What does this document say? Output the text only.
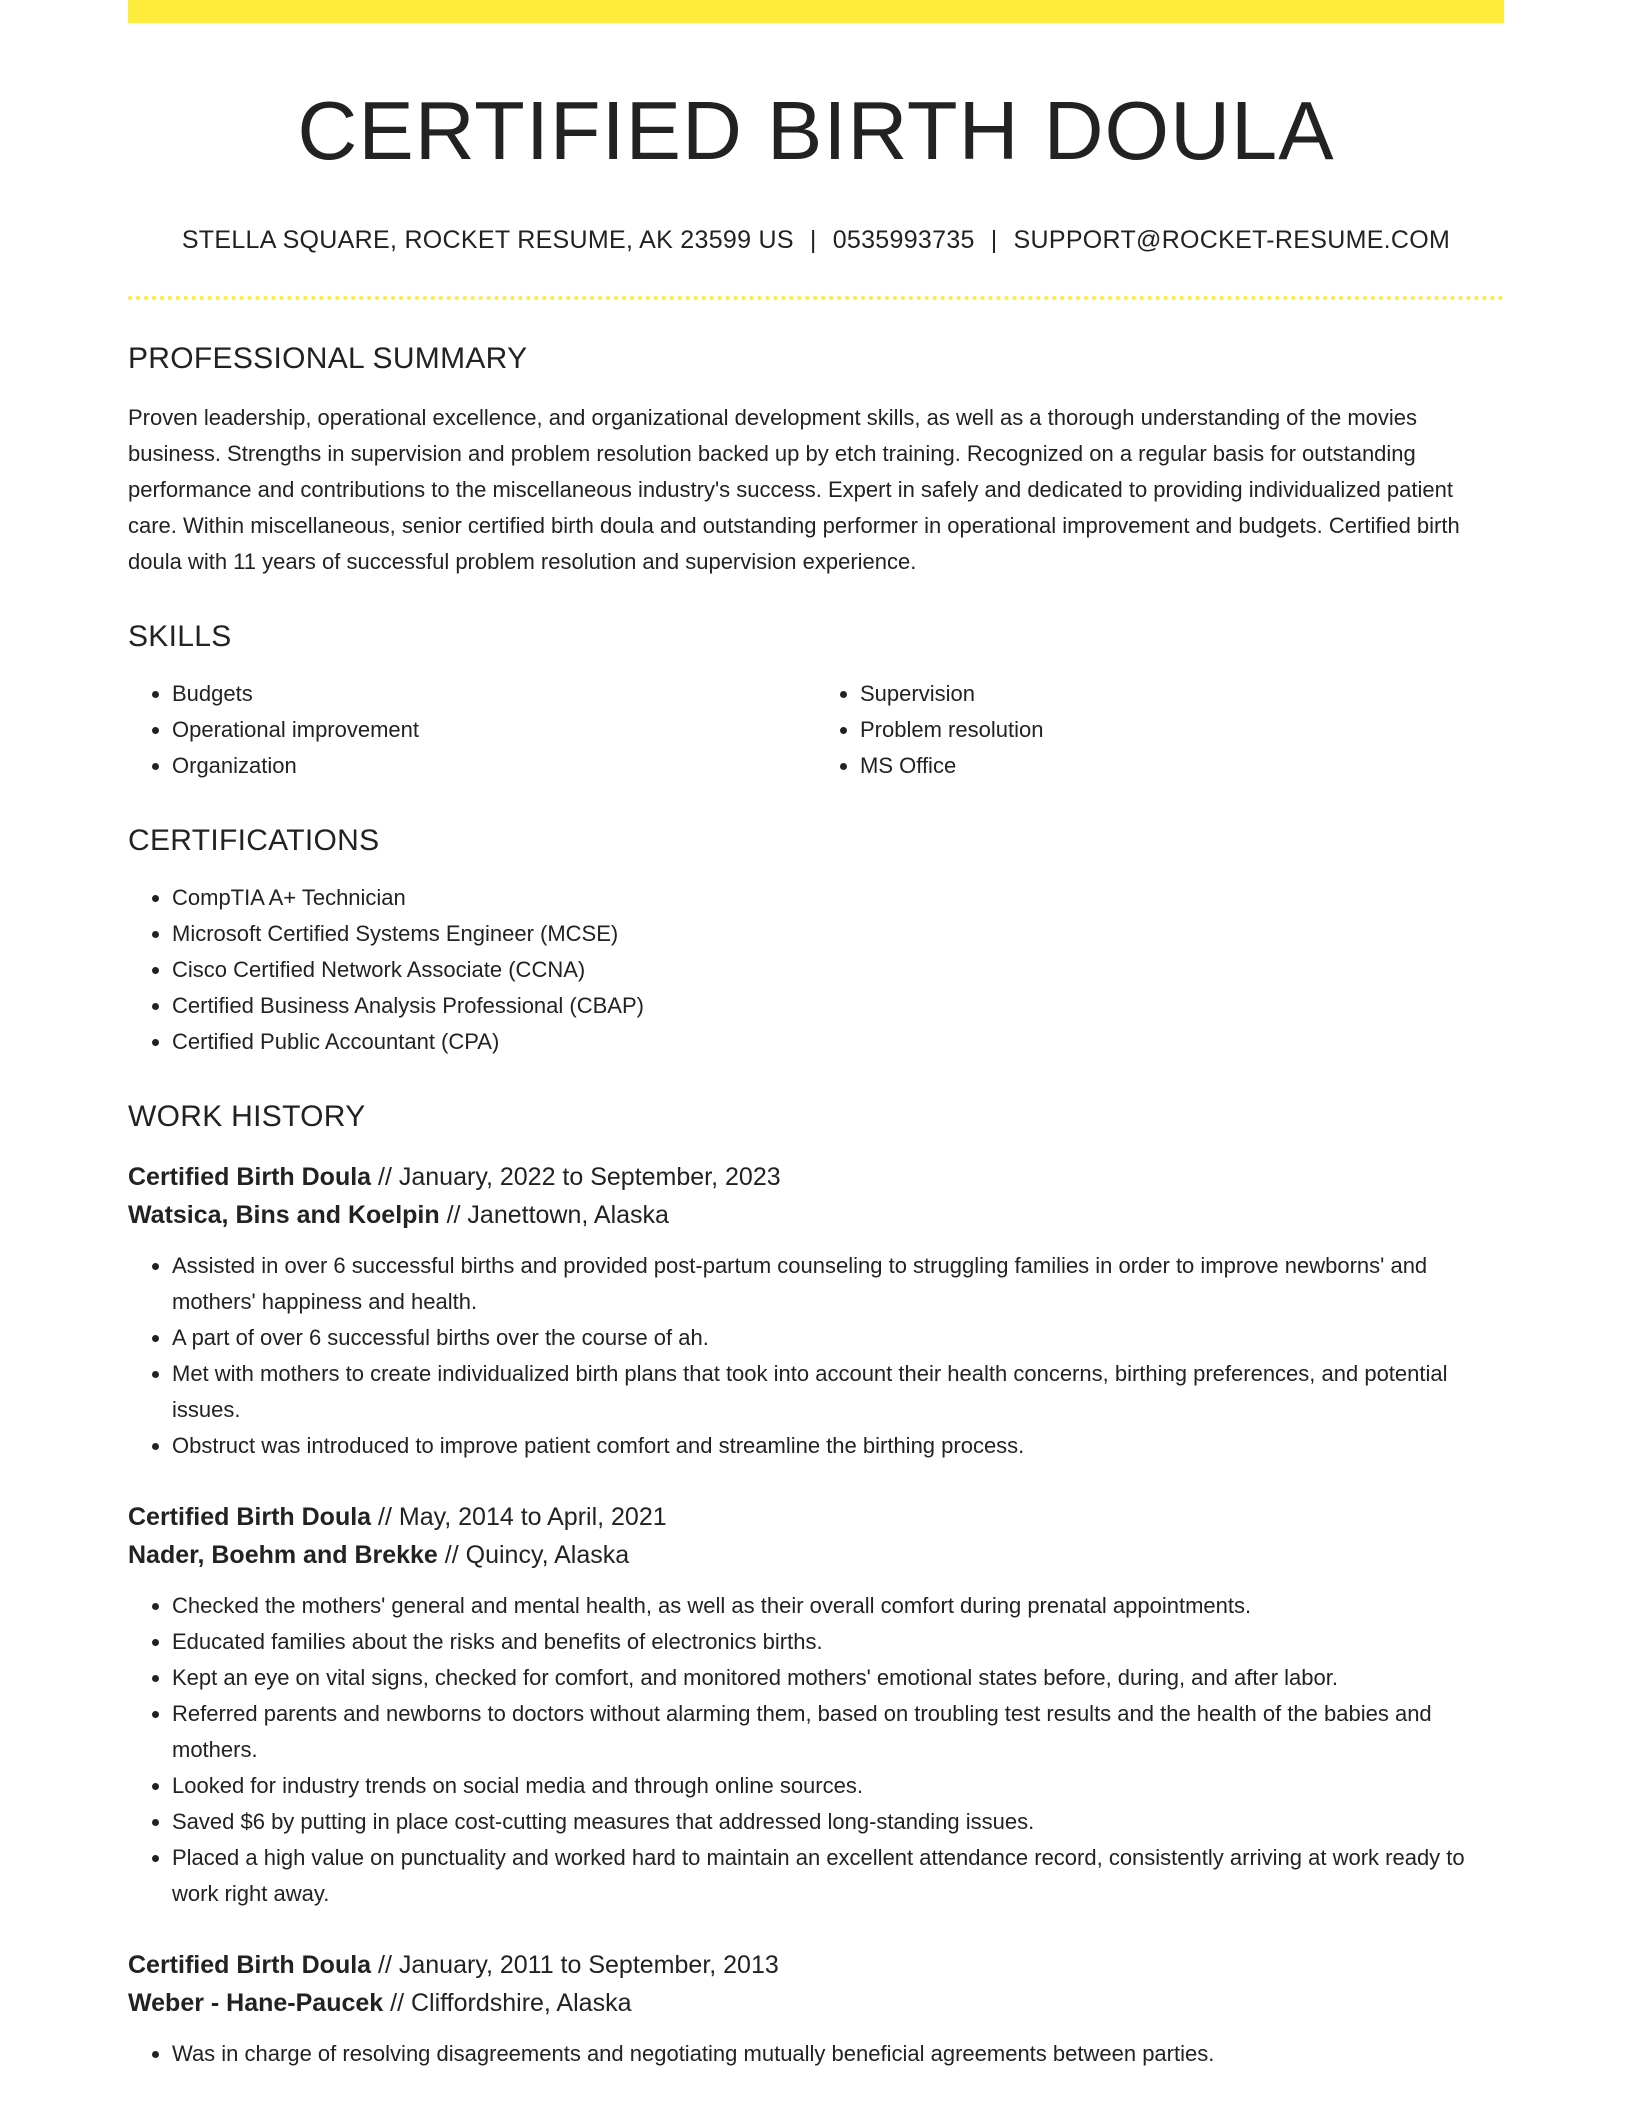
CERTIFIED BIRTH DOULA
STELLA SQUARE, ROCKET RESUME, AK 23599 US | 0535993735 | SUPPORT@ROCKET-RESUME.COM
PROFESSIONAL SUMMARY

Proven leadership, operational excellence, and organizational development skills, as well as a thorough understanding of the movies business. Strengths in supervision and problem resolution backed up by etch training. Recognized on a regular basis for outstanding performance and contributions to the miscellaneous industry's success. Expert in safely and dedicated to providing individualized patient care. Within miscellaneous, senior certified birth doula and outstanding performer in operational improvement and budgets. Certified birth doula with 11 years of successful problem resolution and supervision experience.

SKILLS
• Budgets
• Operational improvement
• Organization
• Supervision
• Problem resolution
• MS Office
CERTIFICATIONS
• CompTIA A+ Technician
• Microsoft Certified Systems Engineer (MCSE)
• Cisco Certified Network Associate (CCNA)
• Certified Business Analysis Professional (CBAP)
• Certified Public Accountant (CPA)
WORK HISTORY
Certified Birth Doula // January, 2022 to September, 2023
Watsica, Bins and Koelpin // Janettown, Alaska
• Assisted in over 6 successful births and provided post-partum counseling to struggling families in order to improve newborns' and mothers' happiness and health.
• A part of over 6 successful births over the course of ah.
• Met with mothers to create individualized birth plans that took into account their health concerns, birthing preferences, and potential issues.
• Obstruct was introduced to improve patient comfort and streamline the birthing process.
Certified Birth Doula // May, 2014 to April, 2021
Nader, Boehm and Brekke // Quincy, Alaska
• Checked the mothers' general and mental health, as well as their overall comfort during prenatal appointments.
• Educated families about the risks and benefits of electronics births.
• Kept an eye on vital signs, checked for comfort, and monitored mothers' emotional states before, during, and after labor.
• Referred parents and newborns to doctors without alarming them, based on troubling test results and the health of the babies and mothers.
• Looked for industry trends on social media and through online sources.
• Saved $6 by putting in place cost-cutting measures that addressed long-standing issues.
• Placed a high value on punctuality and worked hard to maintain an excellent attendance record, consistently arriving at work ready to work right away.
Certified Birth Doula // January, 2011 to September, 2013
Weber - Hane-Paucek // Cliffordshire, Alaska
• Was in charge of resolving disagreements and negotiating mutually beneficial agreements between parties.
